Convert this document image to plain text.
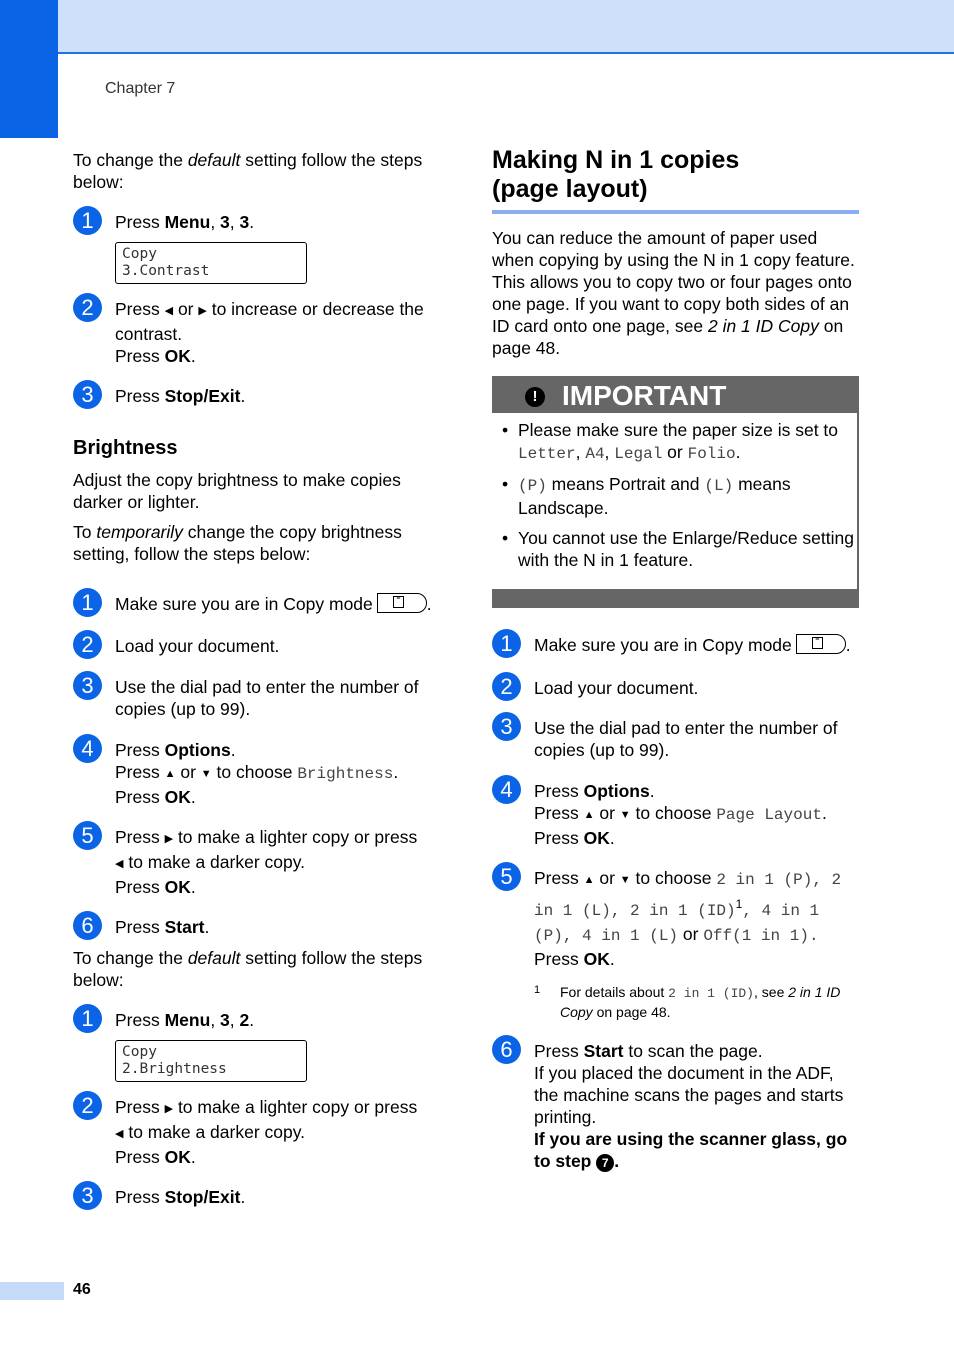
Chapter 7

To change the default setting follow the steps below:

1	Press Menu, 3, 3.
Copy
3.Contrast
2	Press ◀ or ▶ to increase or decrease the contrast.
Press OK.
3	Press Stop/Exit.
Brightness

Adjust the copy brightness to make copies darker or lighter.

To temporarily change the copy brightness setting, follow the steps below:

1	Make sure you are in Copy mode	≡ .
2	Load your document.
3	Use the dial pad to enter the number of copies (up to 99).
4	Press Options.
Press ▲ or ▼ to choose Brightness.
Press OK.
5	Press ▶ to make a lighter copy or press
◀ to make a darker copy.
Press OK.
6	Press Start.

To change the default setting follow the steps below:

1	Press Menu, 3, 2.
Copy
2.Brightness
2	Press ▶ to make a lighter copy or press
◀ to make a darker copy.
Press OK.
3	Press Stop/Exit.
Making N in 1 copies
(page layout)

You can reduce the amount of paper used when copying by using the N in 1 copy feature. This allows you to copy two or four pages onto one page. If you want to copy both sides of an ID card onto one page, see 2 in 1 ID Copy on page 48.

! IMPORTANT
• Please make sure the paper size is set to Letter, A4, Legal or Folio.
• (P) means Portrait and (L) means Landscape.
• You cannot use the Enlarge/Reduce setting with the N in 1 feature.
1	Make sure you are in Copy mode	≡ .
2	Load your document.
3	Use the dial pad to enter the number of copies (up to 99).
4	Press Options.
Press ▲ or ▼ to choose Page Layout.
Press OK.
5	Press ▲ or ▼ to choose 2 in 1 (P), 2 in 1 (L), 2 in 1 (ID)$^1$, 4 in 1 (P), 4 in 1 (L) or Off(1 in 1).
Press OK.
1 For details about 2 in 1 (ID), see 2 in 1 ID Copy on page 48.
6	Press Start to scan the page.
If you placed the document in the ADF, the machine scans the pages and starts printing.
If you are using the scanner glass, go to step 7 .
46
